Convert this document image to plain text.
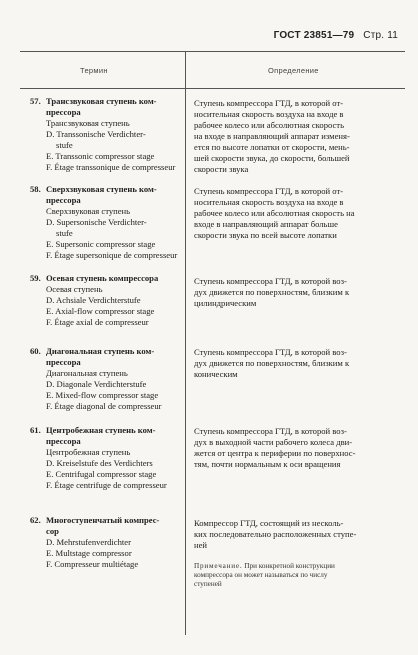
ГОСТ 23851—79 Стр. 11
Термин	Определение
57. Трансзвуковая ступень ком-
прессора
Трансзвуковая ступень
D. Transsonische Verdichter-
stufe
E. Transsonic compressor stage
F. Étage transsonique de compresseur
Ступень компрессора ГТД, в которой от-
носительная скорость воздуха на входе в
рабочее колесо или абсолютная скорость
на входе в направляющий аппарат изменя-
ется по высоте лопатки от скорости, мень-
шей скорости звука, до скорости, большей
скорости звука
58. Сверхзвуковая ступень ком-
прессора
Сверхзвуковая ступень
D. Supersonische Verdichter-
stufe
E. Supersonic compressor stage
F. Étage supersonique de compresseur
Ступень компрессора ГТД, в которой от-
носительная скорость воздуха на входе в
рабочее колесо или абсолютная скорость на
входе в направляющий аппарат больше
скорости звука по всей высоте лопатки
59. Осевая ступень компрессора
Осевая ступень
D. Achsiale Verdichterstufe
E. Axial-flow compressor stage
F. Étage axial de compresseur
Ступень компрессора ГТД, в которой воз-
дух движется по поверхностям, близким к
цилиндрическим
60. Диагональная ступень ком-
прессора
Диагональная ступень
D. Diagonale Verdichterstufe
E. Mixed-flow compressor stage
F. Étage diagonal de compresseur
Ступень компрессора ГТД, в которой воз-
дух движется по поверхностям, близким к
коническим
61. Центробежная ступень ком-
прессора
Центробежная ступень
D. Kreiselstufe des Verdichters
E. Centrifugal compressor stage
F. Étage centrifuge de compresseur
Ступень компрессора ГТД, в которой воз-
дух в выходной части рабочего колеса дви-
жется от центра к периферии по поверхнос-
тям, почти нормальным к оси вращения
62. Многоступенчатый компрес-
сор
D. Mehrstufenverdichter
E. Multstage compressor
F. Compresseur multiétage
Компрессор ГТД, состоящий из несколь-
ких последовательно расположенных ступе-
ней
Примечание. При конкретной конструкции
компрессора он может называться по числу
ступеней
